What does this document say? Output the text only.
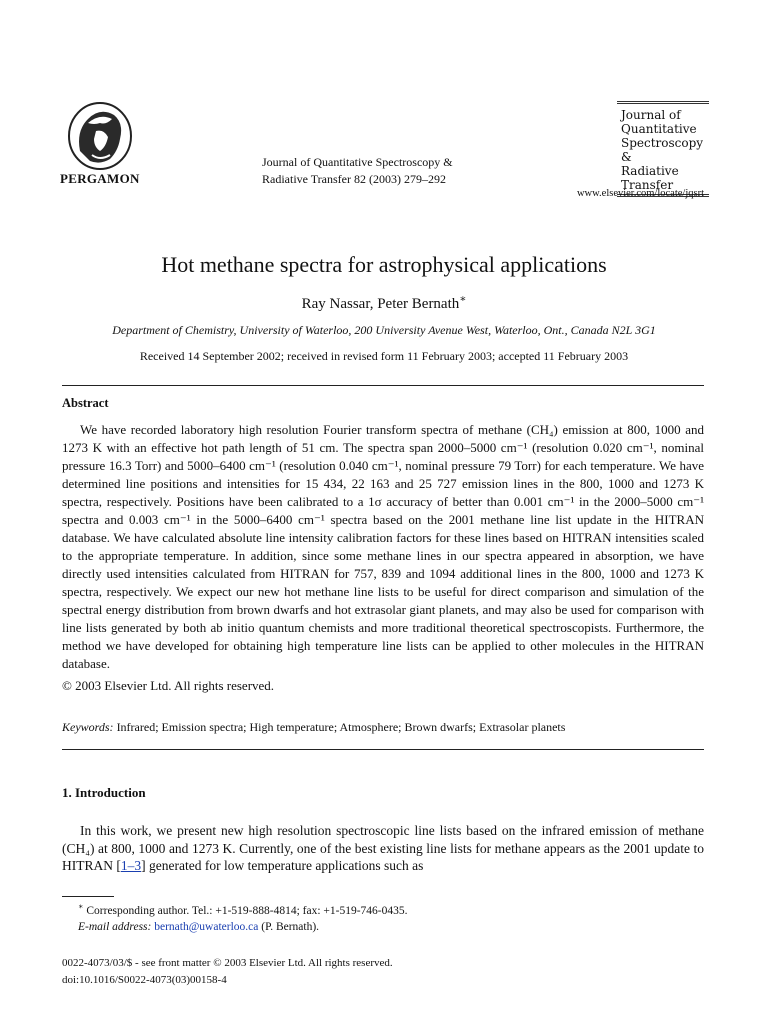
PERGAMON
Journal of Quantitative Spectroscopy &
Radiative Transfer 82 (2003) 279–292
Journal of
Quantitative
Spectroscopy &
Radiative
Transfer
www.elsevier.com/locate/jqsrt
Hot methane spectra for astrophysical applications
Ray Nassar, Peter Bernath∗
Department of Chemistry, University of Waterloo, 200 University Avenue West, Waterloo, Ont., Canada N2L 3G1
Received 14 September 2002; received in revised form 11 February 2003; accepted 11 February 2003
Abstract

We have recorded laboratory high resolution Fourier transform spectra of methane (CH₄) emission at 800, 1000 and 1273 K with an effective hot path length of 51 cm. The spectra span 2000–5000 cm⁻¹ (resolution 0.020 cm⁻¹, nominal pressure 16.3 Torr) and 5000–6400 cm⁻¹ (resolution 0.040 cm⁻¹, nominal pressure 79 Torr) for each temperature. We have determined line positions and intensities for 15 434, 22 163 and 25 727 emission lines in the 800, 1000 and 1273 K spectra, respectively. Positions have been calibrated to a 1σ accuracy of better than 0.001 cm⁻¹ in the 2000–5000 cm⁻¹ spectra and 0.003 cm⁻¹ in the 5000–6400 cm⁻¹ spectra based on the 2001 methane line list update in the HITRAN database. We have calculated absolute line intensity calibration factors for these lines based on HITRAN intensities scaled to the appropriate temperature. In addition, since some methane lines in our spectra appeared in absorption, we have directly used intensities calculated from HITRAN for 757, 839 and 1094 additional lines in the 800, 1000 and 1273 K spectra, respectively. We expect our new hot methane line lists to be useful for direct comparison and simulation of the spectral energy distribution from brown dwarfs and hot extrasolar giant planets, and may also be used for comparison with line lists generated by both ab initio quantum chemists and more traditional theoretical spectroscopists. Furthermore, the method we have developed for obtaining high temperature line lists can be applied to other molecules in the HITRAN database.

© 2003 Elsevier Ltd. All rights reserved.
Keywords: Infrared; Emission spectra; High temperature; Atmosphere; Brown dwarfs; Extrasolar planets
1. Introduction
In this work, we present new high resolution spectroscopic line lists based on the infrared emission of methane (CH₄) at 800, 1000 and 1273 K. Currently, one of the best existing line lists for methane appears as the 2001 update to HITRAN [1–3] generated for low temperature applications such as
∗ Corresponding author. Tel.: +1-519-888-4814; fax: +1-519-746-0435.
E-mail address: bernath@uwaterloo.ca (P. Bernath).
0022-4073/03/$ - see front matter © 2003 Elsevier Ltd. All rights reserved.
doi:10.1016/S0022-4073(03)00158-4
